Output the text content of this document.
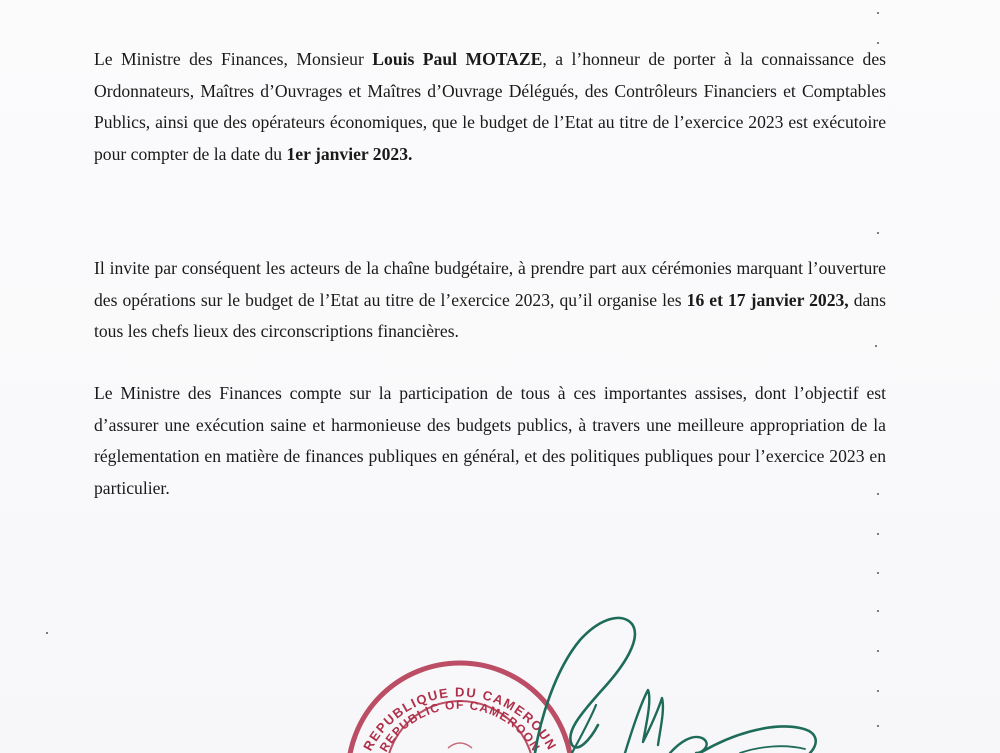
Le Ministre des Finances, Monsieur Louis Paul MOTAZE, a l’honneur de porter à la connaissance des Ordonnateurs, Maîtres d’Ouvrages et Maîtres d’Ouvrage Délégués, des Contrôleurs Financiers et Comptables Publics, ainsi que des opérateurs économiques, que le budget de l’Etat au titre de l’exercice 2023 est exécutoire pour compter de la date du 1er janvier 2023.

Il invite par conséquent les acteurs de la chaîne budgétaire, à prendre part aux cérémonies marquant l’ouverture des opérations sur le budget de l’Etat au titre de l’exercice 2023, qu’il organise les 16 et 17 janvier 2023, dans tous les chefs lieux des circonscriptions financières.

Le Ministre des Finances compte sur la participation de tous à ces importantes assises, dont l’objectif est d’assurer une exécution saine et harmonieuse des budgets publics, à travers une meilleure appropriation de la réglementation en matière de finances publiques en général, et des politiques publiques pour l’exercice 2023 en particulier.

REPUBLIQUE DU CAMEROUN
REPUBLIC OF CAMEROON
